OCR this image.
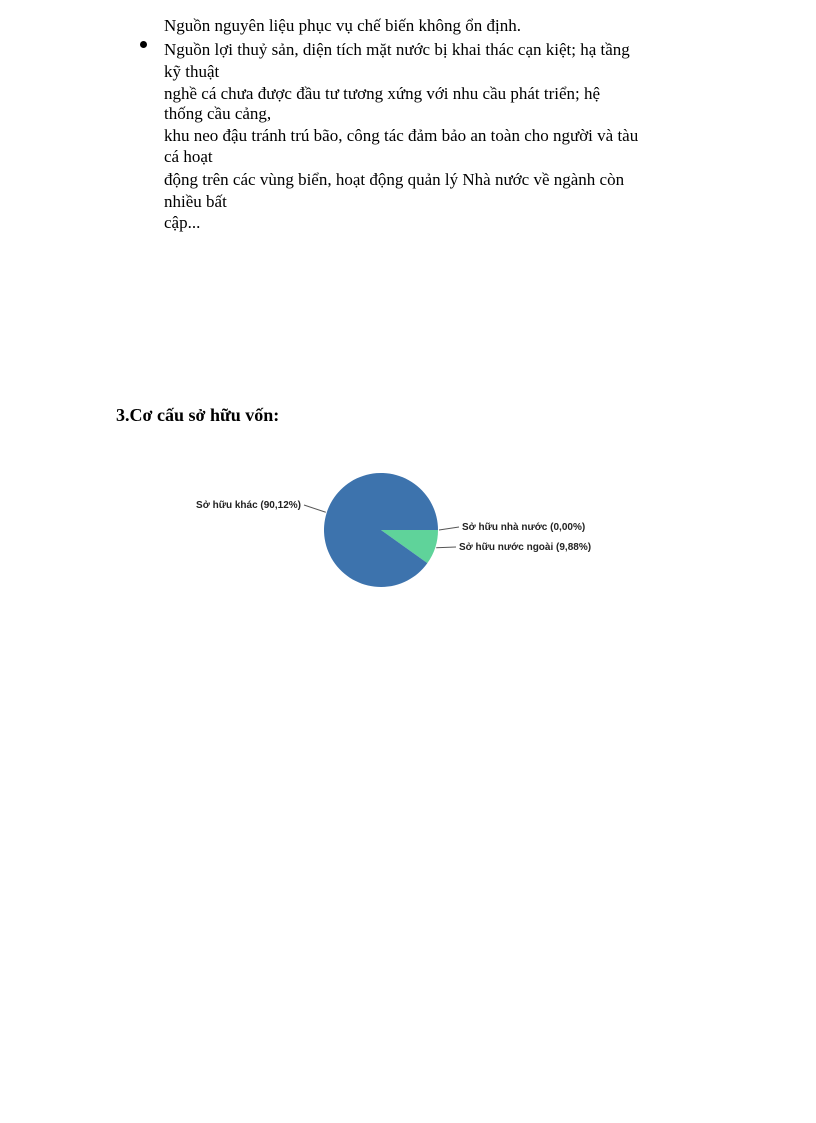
Nguồn nguyên liệu phục vụ chế biến không ổn định.
Nguồn lợi thuỷ sản, diện tích mặt nước bị khai thác cạn kiệt; hạ tầng
kỹ thuật
nghề cá chưa được đầu tư tương xứng với nhu cầu phát triển; hệ
thống cầu cảng,
khu neo đậu tránh trú bão, công tác đảm bảo an toàn cho người và tàu
cá hoạt
động trên các vùng biển, hoạt động quản lý Nhà nước về ngành còn
nhiều bất
cập...
3.Cơ cấu sở hữu vốn:
Sở hữu nhà nước (0,00%)
Sở hữu nước ngoài (9,88%)
Sở hữu khác (90,12%)
